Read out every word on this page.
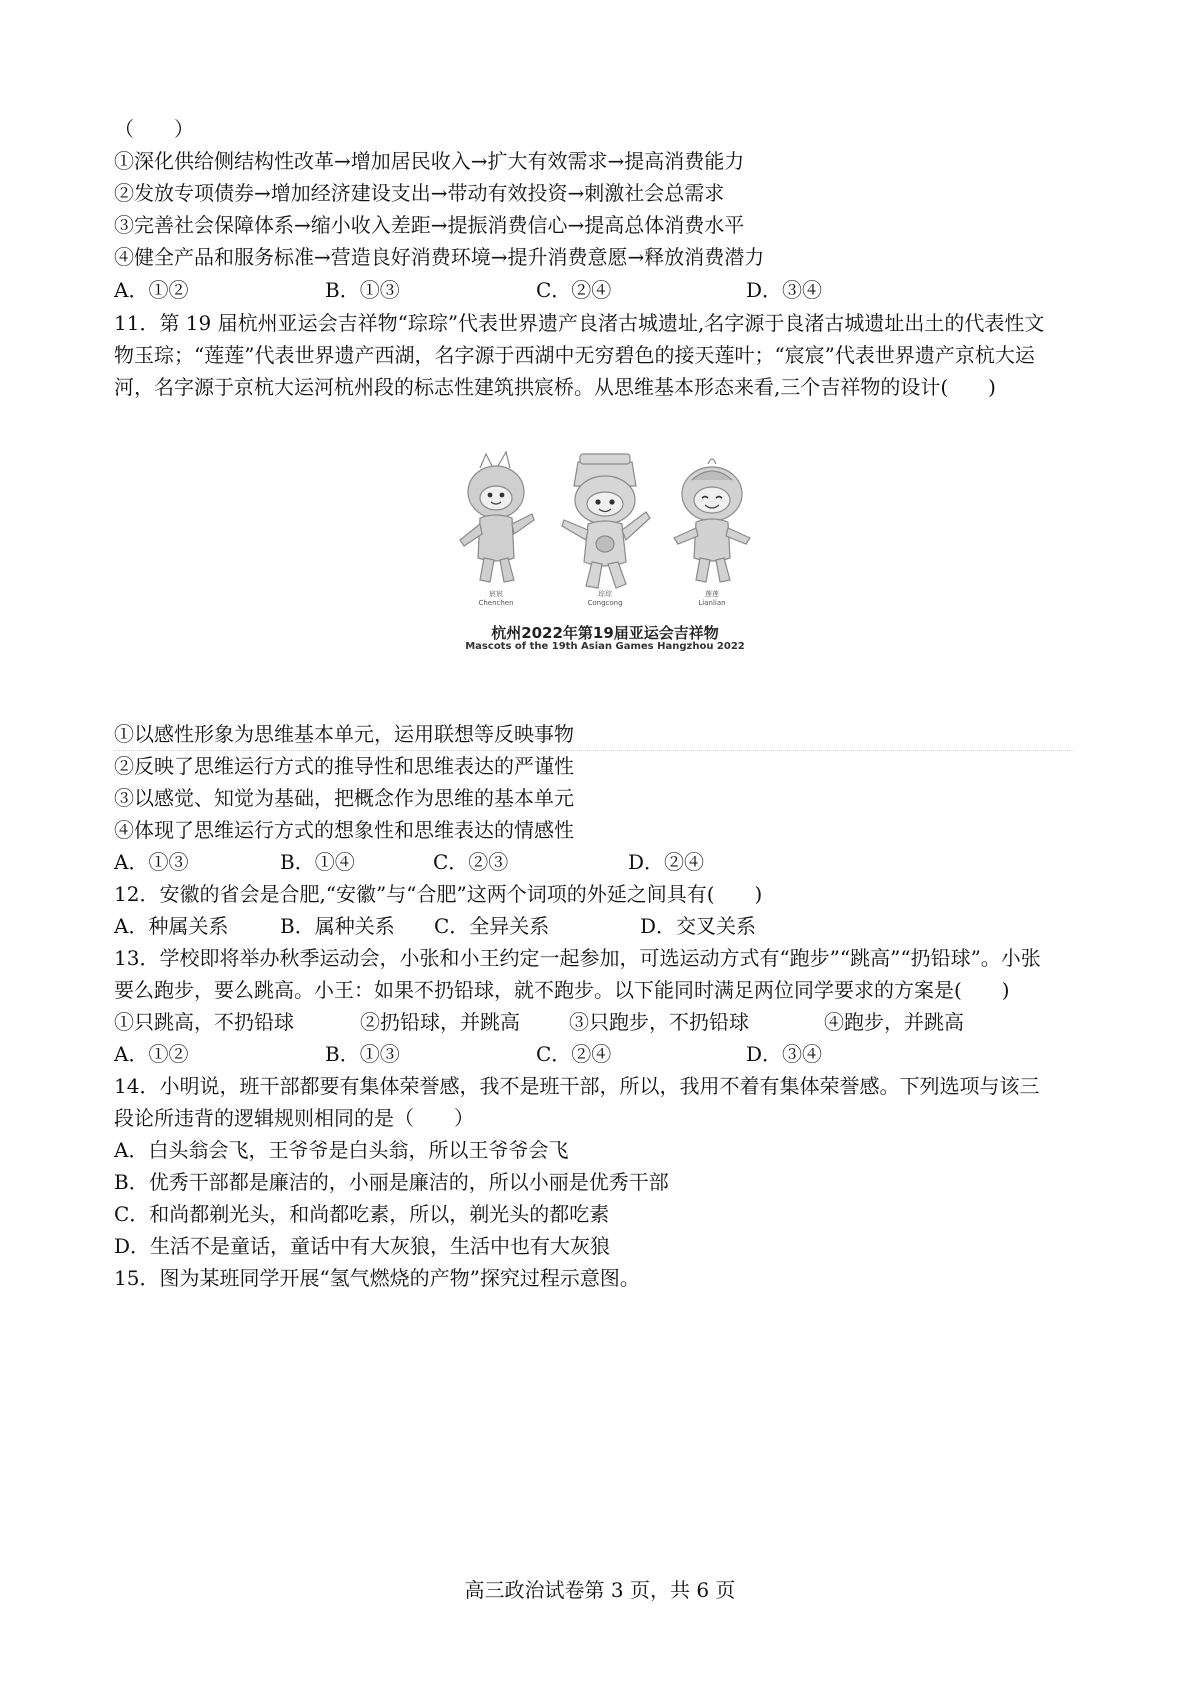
（　　）
①深化供给侧结构性改革→增加居民收入→扩大有效需求→提高消费能力
②发放专项债券→增加经济建设支出→带动有效投资→刺激社会总需求
③完善社会保障体系→缩小收入差距→提振消费信心→提高总体消费水平
④健全产品和服务标准→营造良好消费环境→提升消费意愿→释放消费潜力
A．①②	B．①③	C．②④	D．③④
11．第 19 届杭州亚运会吉祥物“琮琮”代表世界遗产良渚古城遗址,名字源于良渚古城遗址出土的代表性文
物玉琮；“莲莲”代表世界遗产西湖，名字源于西湖中无穷碧色的接天莲叶；“宸宸”代表世界遗产京杭大运
河，名字源于京杭大运河杭州段的标志性建筑拱宸桥。从思维基本形态来看,三个吉祥物的设计(　　)
宸宸
Chenchen
琮琮
Congcong
莲莲
Lianlian
杭州2022年第19届亚运会吉祥物
Mascots of the 19th Asian Games Hangzhou 2022
①以感性形象为思维基本单元，运用联想等反映事物
②反映了思维运行方式的推导性和思维表达的严谨性
③以感觉、知觉为基础，把概念作为思维的基本单元
④体现了思维运行方式的想象性和思维表达的情感性
A．①③	B．①④	C．②③	D．②④
12．安徽的省会是合肥,“安徽”与“合肥”这两个词项的外延之间具有(　　)
A．种属关系	B．属种关系 C．全异关系	D．交叉关系
13．学校即将举办秋季运动会，小张和小王约定一起参加，可选运动方式有“跑步”“跳高”“扔铅球”。小张
要么跑步，要么跳高。小王：如果不扔铅球，就不跑步。以下能同时满足两位同学要求的方案是(　　)
①只跳高，不扔铅球	②扔铅球，并跳高 ③只跑步，不扔铅球	④跑步，并跳高
A．①②	B．①③	C．②④	D．③④
14．小明说，班干部都要有集体荣誉感，我不是班干部，所以，我用不着有集体荣誉感。下列选项与该三
段论所违背的逻辑规则相同的是（　　）
A．白头翁会飞，王爷爷是白头翁，所以王爷爷会飞
B．优秀干部都是廉洁的，小丽是廉洁的，所以小丽是优秀干部
C．和尚都剃光头，和尚都吃素，所以，剃光头的都吃素
D．生活不是童话，童话中有大灰狼，生活中也有大灰狼
15．图为某班同学开展“氢气燃烧的产物”探究过程示意图。
高三政治试卷第 3 页，共 6 页
